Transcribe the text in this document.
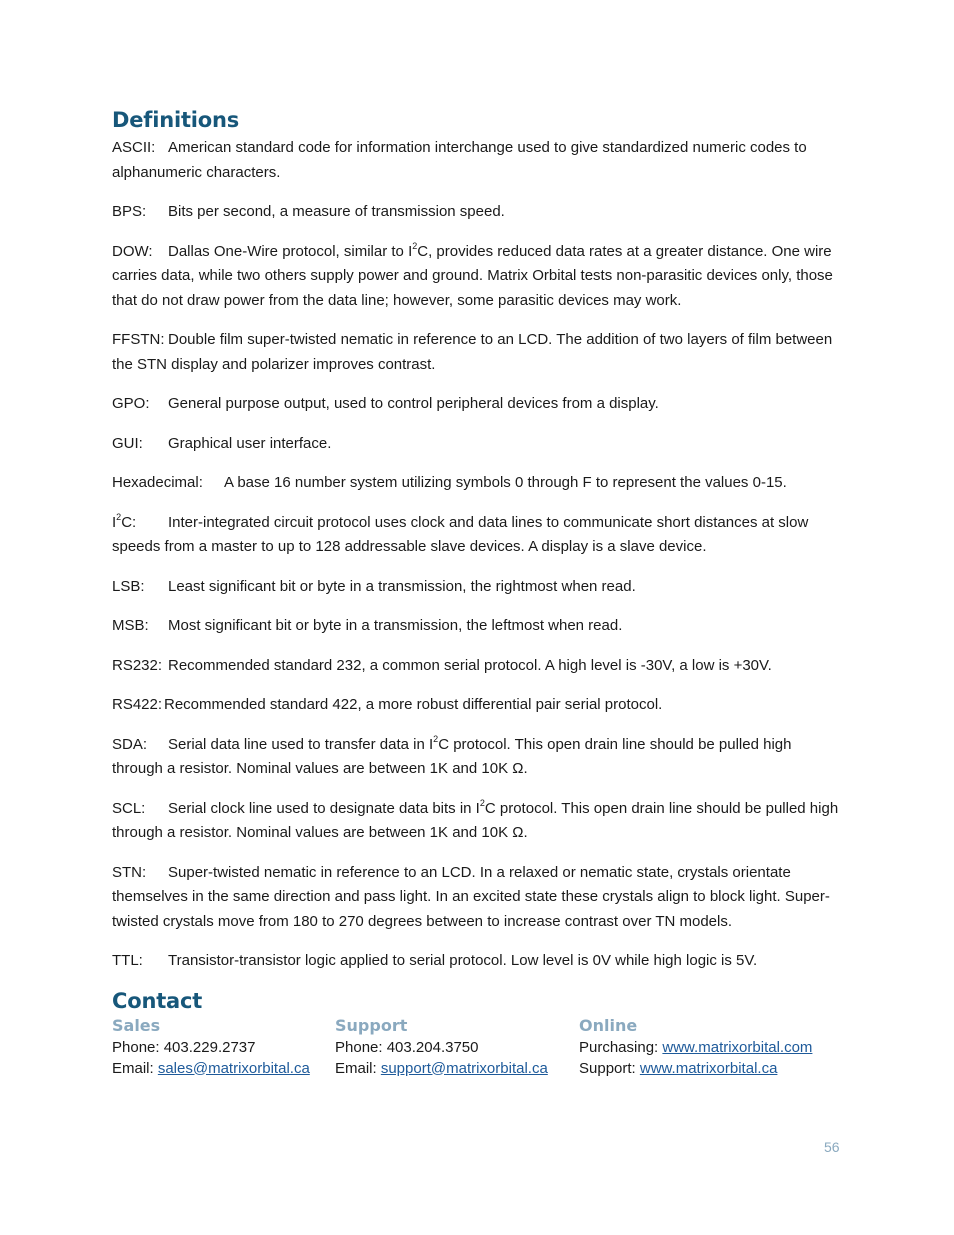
Definitions

ASCII: American standard code for information interchange used to give standardized numeric codes to alphanumeric characters.

BPS: Bits per second, a measure of transmission speed.

DOW: Dallas One-Wire protocol, similar to $I^2C$, provides reduced data rates at a greater distance. One wire carries data, while two others supply power and ground. Matrix Orbital tests non-parasitic devices only, those that do not draw power from the data line; however, some parasitic devices may work.

FFSTN: Double film super-twisted nematic in reference to an LCD. The addition of two layers of film between the STN display and polarizer improves contrast.

GPO: General purpose output, used to control peripheral devices from a display.

GUI: Graphical user interface.

Hexadecimal: A base 16 number system utilizing symbols 0 through F to represent the values 0-15.

$I^2C$: Inter-integrated circuit protocol uses clock and data lines to communicate short distances at slow speeds from a master to up to 128 addressable slave devices. A display is a slave device.

LSB: Least significant bit or byte in a transmission, the rightmost when read.

MSB: Most significant bit or byte in a transmission, the leftmost when read.

RS232: Recommended standard 232, a common serial protocol. A high level is -30V, a low is +30V.

RS422: Recommended standard 422, a more robust differential pair serial protocol.

SDA: Serial data line used to transfer data in $I^2C$ protocol. This open drain line should be pulled high through a resistor. Nominal values are between 1K and 10K Ω.

SCL: Serial clock line used to designate data bits in $I^2C$ protocol. This open drain line should be pulled high through a resistor. Nominal values are between 1K and 10K Ω.

STN: Super-twisted nematic in reference to an LCD. In a relaxed or nematic state, crystals orientate themselves in the same direction and pass light. In an excited state these crystals align to block light. Super-twisted crystals move from 180 to 270 degrees between to increase contrast over TN models.

TTL: Transistor-transistor logic applied to serial protocol. Low level is 0V while high logic is 5V.

Contact
Sales
Phone: 403.229.2737
Email: sales@matrixorbital.ca
Support
Phone: 403.204.3750
Email: support@matrixorbital.ca
Online
Purchasing: www.matrixorbital.com
Support: www.matrixorbital.ca
56
